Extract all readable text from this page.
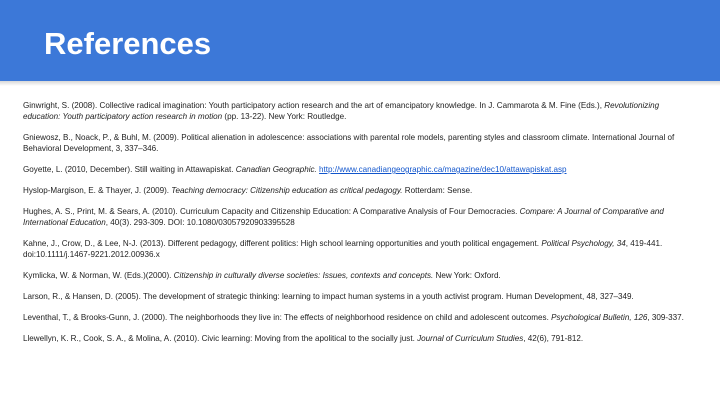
References
Ginwright, S. (2008). Collective radical imagination: Youth participatory action research and the art of emancipatory knowledge. In J. Cammarota & M. Fine (Eds.), Revolutionizing education: Youth participatory action research in motion (pp. 13-22). New York: Routledge.
Gniewosz, B., Noack, P., & Buhl, M. (2009). Political alienation in adolescence: associations with parental role models, parenting styles and classroom climate. International Journal of Behavioral Development, 3, 337–346.
Goyette, L. (2010, December). Still waiting in Attawapiskat. Canadian Geographic. http://www.canadiangeographic.ca/magazine/dec10/attawapiskat.asp
Hyslop-Margison, E. & Thayer, J. (2009). Teaching democracy: Citizenship education as critical pedagogy. Rotterdam: Sense.
Hughes, A. S., Print, M. & Sears, A. (2010). Curriculum Capacity and Citizenship Education: A Comparative Analysis of Four Democracies. Compare: A Journal of Comparative and International Education, 40(3). 293-309. DOI: 10.1080/03057920903395528
Kahne, J., Crow, D., & Lee, N-J. (2013). Different pedagogy, different politics: High school learning opportunities and youth political engagement. Political Psychology, 34, 419-441. doi:10.1111/j.1467-9221.2012.00936.x
Kymlicka, W. & Norman, W. (Eds.)(2000). Citizenship in culturally diverse societies: Issues, contexts and concepts. New York: Oxford.
Larson, R., & Hansen, D. (2005). The development of strategic thinking: learning to impact human systems in a youth activist program. Human Development, 48, 327–349.
Leventhal, T., & Brooks-Gunn, J. (2000). The neighborhoods they live in: The effects of neighborhood residence on child and adolescent outcomes. Psychological Bulletin, 126, 309-337.
Llewellyn, K. R., Cook, S. A., & Molina, A. (2010). Civic learning: Moving from the apolitical to the socially just. Journal of Curriculum Studies, 42(6), 791-812.
